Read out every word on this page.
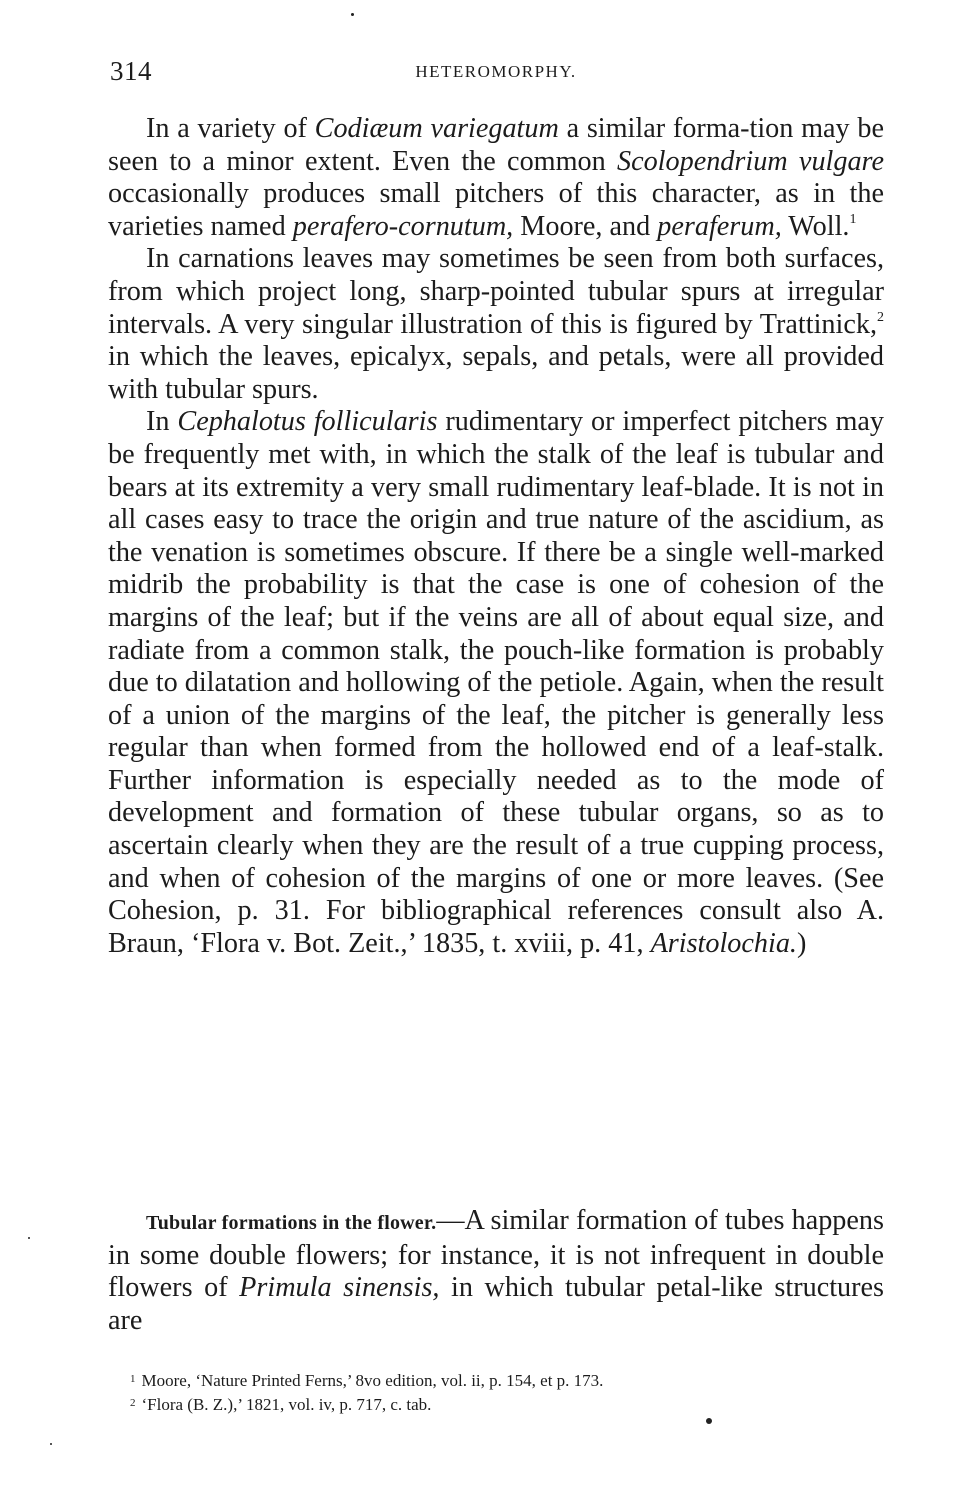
314	HETEROMORPHY.

In a variety of Codiæum variegatum a similar forma-tion may be seen to a minor extent. Even the common Scolopendrium vulgare occasionally produces small pitchers of this character, as in the varieties named perafero-cornutum, Moore, and peraferum, Woll.$^1$

In carnations leaves may sometimes be seen from both surfaces, from which project long, sharp-pointed tubular spurs at irregular intervals. A very singular illustration of this is figured by Trattinick,$^2$ in which the leaves, epicalyx, sepals, and petals, were all provided with tubular spurs.

In Cephalotus follicularis rudimentary or imperfect pitchers may be frequently met with, in which the stalk of the leaf is tubular and bears at its extremity a very small rudimentary leaf-blade. It is not in all cases easy to trace the origin and true nature of the ascidium, as the venation is sometimes obscure. If there be a single well-marked midrib the probability is that the case is one of cohesion of the margins of the leaf; but if the veins are all of about equal size, and radiate from a common stalk, the pouch-like formation is probably due to dilatation and hollowing of the petiole. Again, when the result of a union of the margins of the leaf, the pitcher is generally less regular than when formed from the hollowed end of a leaf-stalk. Further information is especially needed as to the mode of development and formation of these tubular organs, so as to ascertain clearly when they are the result of a true cupping process, and when of cohesion of the margins of one or more leaves. (See Cohesion, p. 31. For bibliographical references consult also A. Braun, ‘Flora v. Bot. Zeit.,’ 1835, t. xviii, p. 41, Aristolochia.)

Tubular formations in the flower.—A similar formation of tubes happens in some double flowers; for instance, it is not infrequent in double flowers of Primula sinensis, in which tubular petal-like structures are

$^1$ Moore, ‘Nature Printed Ferns,’ 8vo edition, vol. ii, p. 154, et p. 173.

$^2$ ‘Flora (B. Z.),’ 1821, vol. iv, p. 717, c. tab.
